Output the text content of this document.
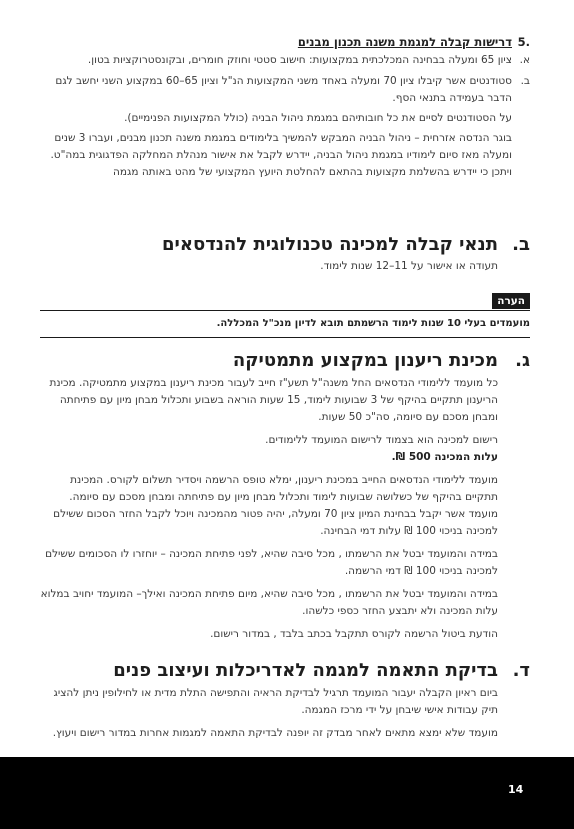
.5דרישות קבלה למגמת משנה תכנון מבנים
א.

ציון 65 ומעלה בבחינה המכלכתית במקצועות: חישוב סטטי וחוזק חומרים, ובקונסטרוקציות בטון.

ב.

סטודנטים אשר קיבלו ציון 70 ומעלה באחד משני המקצועות הנ"ל וציון 65–60 במקצוע השני יחשב לגם הדבר בעמידה בתנאי הסף.

על הסטודנטים לסיים את כל חובותיהם במגמת ניהול הבניה (כולל המקצועות הפנימיים).

בוגר הנדסה אזרחית – ניהול הבניה המבקש להמשיך בלימודים במגמת משנה תכנון מבנים, ועברו 3 שנים ומעלה מאז סיום לימודיו במגמת ניהול הבניה, יידרש לקבל את אישור מנהלת המחלקה הפדגוגית במה"ט. ויתכן כי יידרש בהשלמת מקצועות בהתאם להחלטת היועץ המקצועי של מהט באותה מגמה

ב.
תנאי קבלה למכינה טכנולוגית להנדסאים

תעודה או אישור על 11–12 שנות לימוד.

הערה
מועמדים בעלי 10 שנות לימוד הרשמתם תובא לדיון מנכ"ל המכללה.
ג.
מכינת ריענון במקצוע מתמטיקה

כל מועמד ללימודי הנדסאים החל משנה"ל תשע"ז חייב לעבור מכינת ריענון במקצוע מתמטיקה. מכינת הריענון תתקיים בהיקף של 3 שבועות לימוד, 15 שעות הוראה בשבוע ותכלול מבחן מיון עם פתיחתה ומבחן מסכם עם סיומה, סה"כ 50 שעות.

רישום למכינה הוא בצמוד לרישום המועמד ללימודים.

עלות המכינה 500 ₪.

מועמד ללימודי הנדסאים החייב במכינת ריענון, ימלא טופס הרשמה ויסדיר תשלום לקורס. המכינת תתקיים בהיקף של כשלושה שבועות לימוד ותכלול מבחן מיון עם פתיחתה ומבחן מסכם עם סיומה. מועמד אשר יקבל בבחינת המיון ציון 70 ומעלה, יהיה פטור מהמכינה ויוכל לקבל החזר הסכום ששילם למכינה בניכוי 100 ₪ עלות דמי הבחינה.

במידה והמועמד יבטל את הרשמתו , מכל סיבה שהיא, לפני פתיחת המכינה – יוחזרו לו הסכומים ששילם למכינה בניכוי 100 ₪ דמי הרשמה.

במידה והמועמד יבטל את הרשמתו , מכל סיבה שהיא, מיום פתיחת המכינה ואילך– המועמד יחויב במלוא עלות המכינה ולא יתבצע החזר כספי כלשהו.

הודעת ביטול הרשמה לקורס תתקבל בכתב בלבד , במדור רישום.

ד.
בדיקת התאמה למגמה לאדריכלות ועיצוב פנים

ביום ראיון הקבלה יעבור המועמד תרגיל לבדיקת הראיה והתפישה התלת מדית או לחילופין ניתן להציג תיק עבודות אישי שיבחן על ידי מרכז המגמה.

מועמד שלא ימצא מתאים לאחר מבדק זה יופנה לבדיקת התאמה למגמות אחרות במדור רישום ויעוץ.

14
